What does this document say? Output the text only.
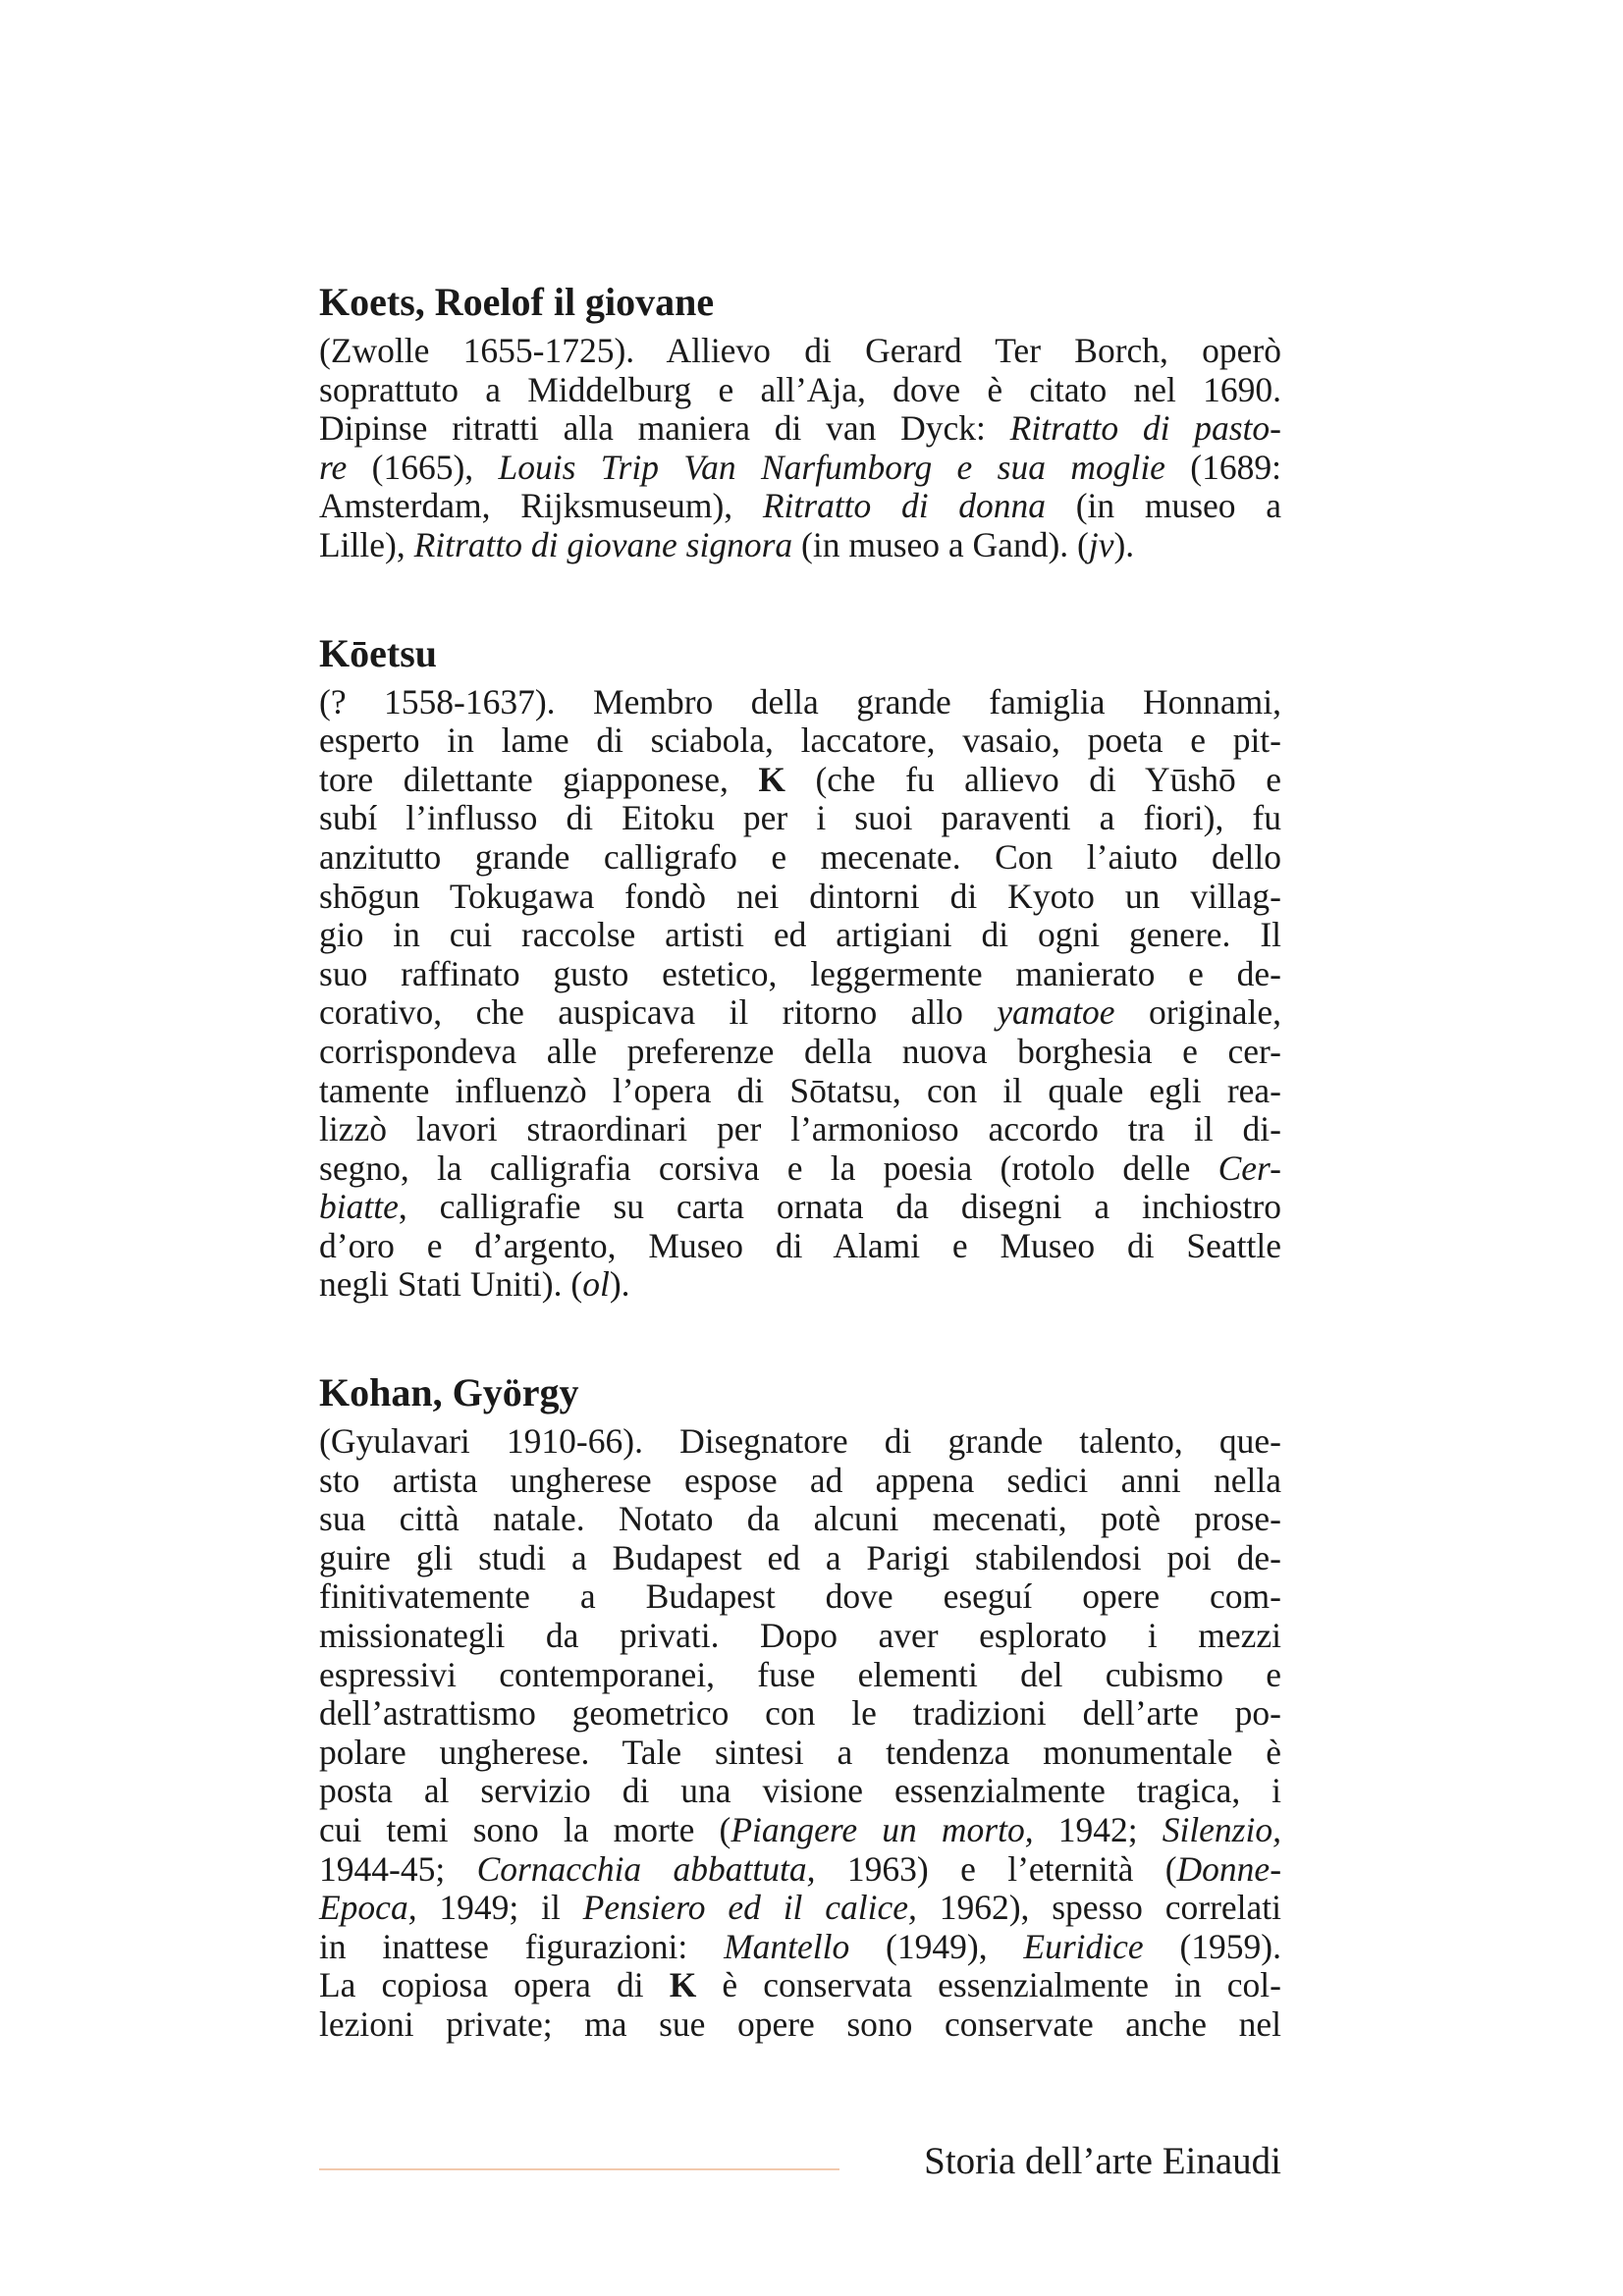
Koets, Roelof il giovane

(Zwolle 1655-1725). Allievo di Gerard Ter Borch, operò
soprattuto a Middelburg e all’Aja, dove è citato nel 1690.
Dipinse ritratti alla maniera di van Dyck: Ritratto di pasto-
re (1665), Louis Trip Van Narfumborg e sua moglie (1689:
Amsterdam, Rijksmuseum), Ritratto di donna (in museo a
Lille), Ritratto di giovane signora (in museo a Gand). (jv).

Kōetsu

(? 1558-1637). Membro della grande famiglia Honnami,
esperto in lame di sciabola, laccatore, vasaio, poeta e pit-
tore dilettante giapponese, K (che fu allievo di Yūshō e
subí l’influsso di Eitoku per i suoi paraventi a fiori), fu
anzitutto grande calligrafo e mecenate. Con l’aiuto dello
shōgun Tokugawa fondò nei dintorni di Kyoto un villag-
gio in cui raccolse artisti ed artigiani di ogni genere. Il
suo raffinato gusto estetico, leggermente manierato e de-
corativo, che auspicava il ritorno allo yamatoe originale,
corrispondeva alle preferenze della nuova borghesia e cer-
tamente influenzò l’opera di Sōtatsu, con il quale egli rea-
lizzò lavori straordinari per l’armonioso accordo tra il di-
segno, la calligrafia corsiva e la poesia (rotolo delle Cer-
biatte, calligrafie su carta ornata da disegni a inchiostro
d’oro e d’argento, Museo di Alami e Museo di Seattle
negli Stati Uniti). (ol).

Kohan, György

(Gyulavari 1910-66). Disegnatore di grande talento, que-
sto artista ungherese espose ad appena sedici anni nella
sua città natale. Notato da alcuni mecenati, potè prose-
guire gli studi a Budapest ed a Parigi stabilendosi poi de-
finitivatemente a Budapest dove eseguí opere com-
missionategli da privati. Dopo aver esplorato i mezzi
espressivi contemporanei, fuse elementi del cubismo e
dell’astrattismo geometrico con le tradizioni dell’arte po-
polare ungherese. Tale sintesi a tendenza monumentale è
posta al servizio di una visione essenzialmente tragica, i
cui temi sono la morte (Piangere un morto, 1942; Silenzio,
1944-45; Cornacchia abbattuta, 1963) e l’eternità (Donne-
Epoca, 1949; il Pensiero ed il calice, 1962), spesso correlati
in inattese figurazioni: Mantello (1949), Euridice (1959).
La copiosa opera di K è conservata essenzialmente in col-
lezioni private; ma sue opere sono conservate anche nel

Storia dell’arte Einaudi
